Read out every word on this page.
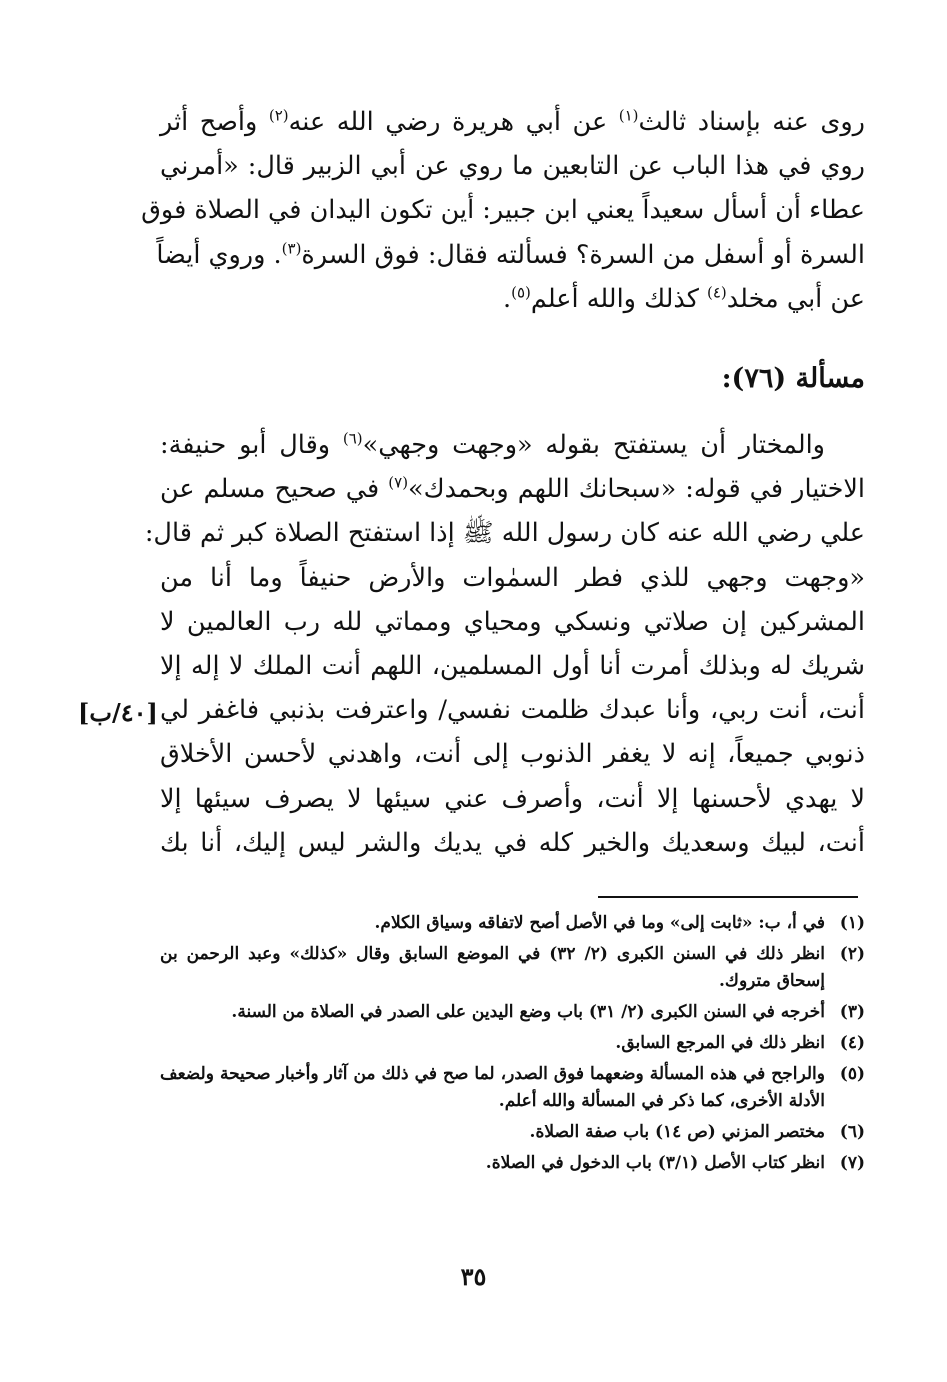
روى عنه بإسناد ثالث$^{(١)}$ عن أبي هريرة رضي الله عنه$^{(٢)}$ وأصح أثر
روي في هذا الباب عن التابعين ما روي عن أبي الزبير قال: «أمرني
عطاء أن أسأل سعيداً يعني ابن جبير: أين تكون اليدان في الصلاة فوق
السرة أو أسفل من السرة؟ فسألته فقال: فوق السرة$^{(٣)}$. وروي أيضاً
عن أبي مخلد$^{(٤)}$ كذلك والله أعلم$^{(٥)}$.

مسألة (٧٦):

والمختار أن يستفتح بقوله «وجهت وجهي»$^{(٦)}$ وقال أبو حنيفة:
الاختيار في قوله: «سبحانك اللهم وبحمدك»$^{(٧)}$ في صحيح مسلم عن
علي رضي الله عنه كان رسول الله ﷺ إذا استفتح الصلاة كبر ثم قال:
«وجهت وجهي للذي فطر السمٰوات والأرض حنيفاً وما أنا من
المشركين إن صلاتي ونسكي ومحياي ومماتي لله رب العالمين لا
شريك له وبذلك أمرت أنا أول المسلمين، اللهم أنت الملك لا إله إلا
أنت، أنت ربي، وأنا عبدك ظلمت نفسي/ واعترفت بذنبي فاغفر لي
ذنوبي جميعاً، إنه لا يغفر الذنوب إلى أنت، واهدني لأحسن الأخلاق
لا يهدي لأحسنها إلا أنت، وأصرف عني سيئها لا يصرف سيئها إلا
أنت، لبيك وسعديك والخير كله في يديك والشر ليس إليك، أنا بك

[٤٠/ب]
(١)
في أ، ب: «ثابت إلى» وما في الأصل أصح لاتفاقه وسياق الكلام.
(٢)
انظر ذلك في السنن الكبرى (٢/ ٣٢) في الموضع السابق وقال «كذلك» وعبد الرحمن بن إسحاق متروك.
(٣)
أخرجه في السنن الكبرى (٢/ ٣١) باب وضع اليدين على الصدر في الصلاة من السنة.
(٤)
انظر ذلك في المرجع السابق.
(٥)
والراجح في هذه المسألة وضعهما فوق الصدر، لما صح في ذلك من آثار وأخبار صحيحة ولضعف الأدلة الأخرى، كما ذكر في المسألة والله أعلم.
(٦)
مختصر المزني (ص ١٤) باب صفة الصلاة.
(٧)
انظر كتاب الأصل (٣/١) باب الدخول في الصلاة.
٣٥
